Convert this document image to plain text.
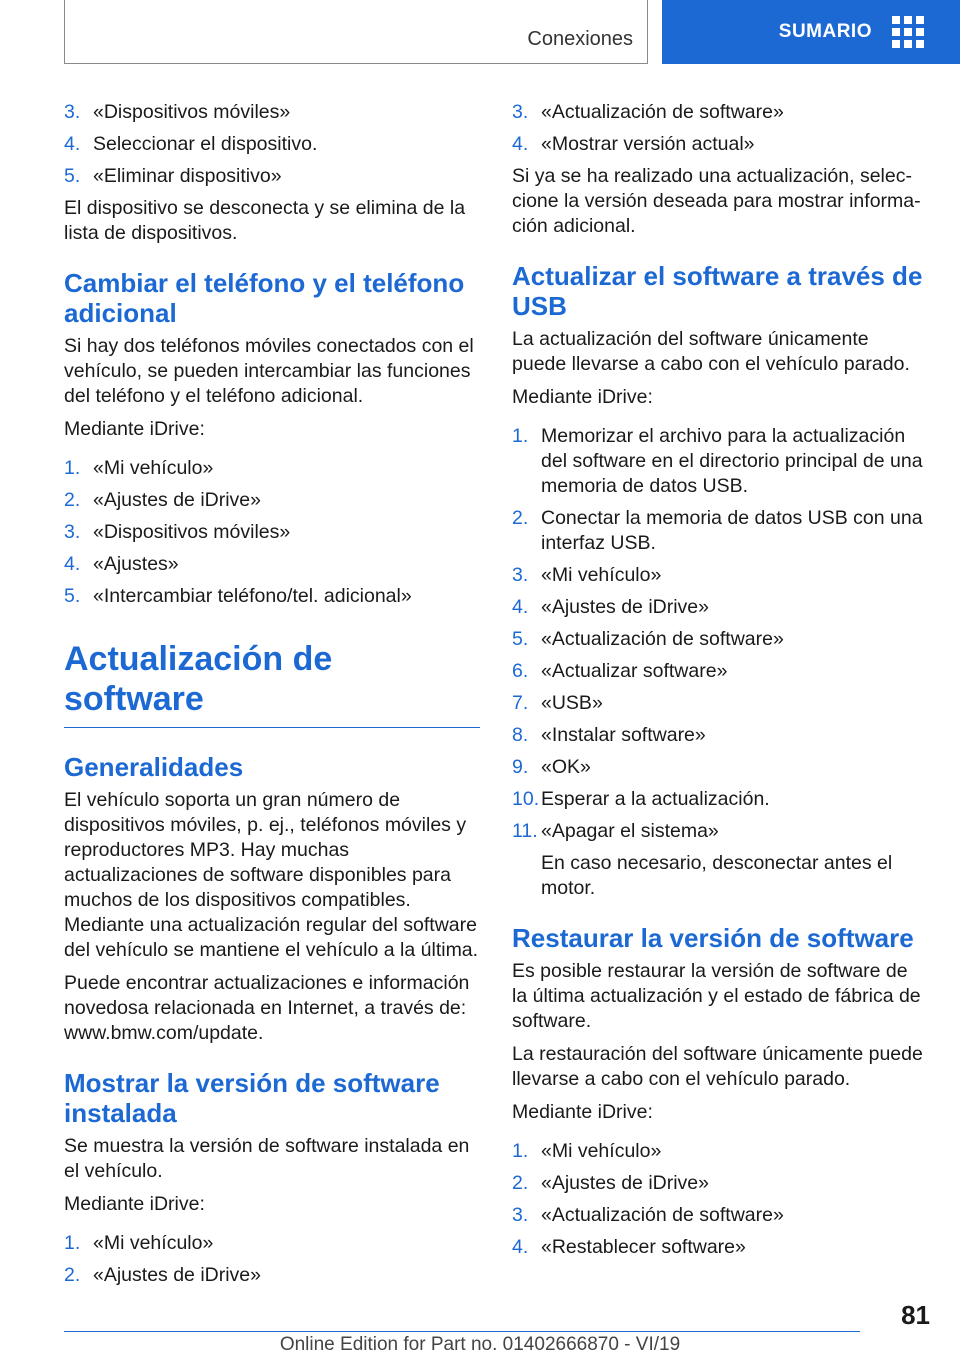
Conexiones	SUMARIO
3. «Dispositivos móviles»
4. Seleccionar el dispositivo.
5. «Eliminar dispositivo»

El dispositivo se desconecta y se elimina de la lista de dispositivos.

Cambiar el teléfono y el teléfono adicional

Si hay dos teléfonos móviles conectados con el vehículo, se pueden intercambiar las funciones del teléfono y el teléfono adicional.

Mediante iDrive:

1. «Mi vehículo»
2. «Ajustes de iDrive»
3. «Dispositivos móviles»
4. «Ajustes»
5. «Intercambiar teléfono/tel. adicional»
Actualización de software
Generalidades

El vehículo soporta un gran número de dispositivos móviles, p. ej., teléfonos móviles y reproductores MP3. Hay muchas actualizaciones de software disponibles para muchos de los dispositivos compatibles. Mediante una actualización regular del software del vehículo se mantiene el vehículo a la última.

Puede encontrar actualizaciones e información novedosa relacionada en Internet, a través de: www.bmw.com/update.

Mostrar la versión de software instalada

Se muestra la versión de software instalada en el vehículo.

Mediante iDrive:

1. «Mi vehículo»
2. «Ajustes de iDrive»
3. «Actualización de software»
4. «Mostrar versión actual»

Si ya se ha realizado una actualización, seleccione la versión deseada para mostrar información adicional.

Actualizar el software a través de USB

La actualización del software únicamente puede llevarse a cabo con el vehículo parado.

Mediante iDrive:

1. Memorizar el archivo para la actualización del software en el directorio principal de una memoria de datos USB.
2. Conectar la memoria de datos USB con una interfaz USB.
3. «Mi vehículo»
4. «Ajustes de iDrive»
5. «Actualización de software»
6. «Actualizar software»
7. «USB»
8. «Instalar software»
9. «OK»
10. Esperar a la actualización.
11. «Apagar el sistema»
En caso necesario, desconectar antes el motor.
Restaurar la versión de software

Es posible restaurar la versión de software de la última actualización y el estado de fábrica de software.

La restauración del software únicamente puede llevarse a cabo con el vehículo parado.

Mediante iDrive:

1. «Mi vehículo»
2. «Ajustes de iDrive»
3. «Actualización de software»
4. «Restablecer software»
81
Online Edition for Part no. 01402666870 - VI/19
